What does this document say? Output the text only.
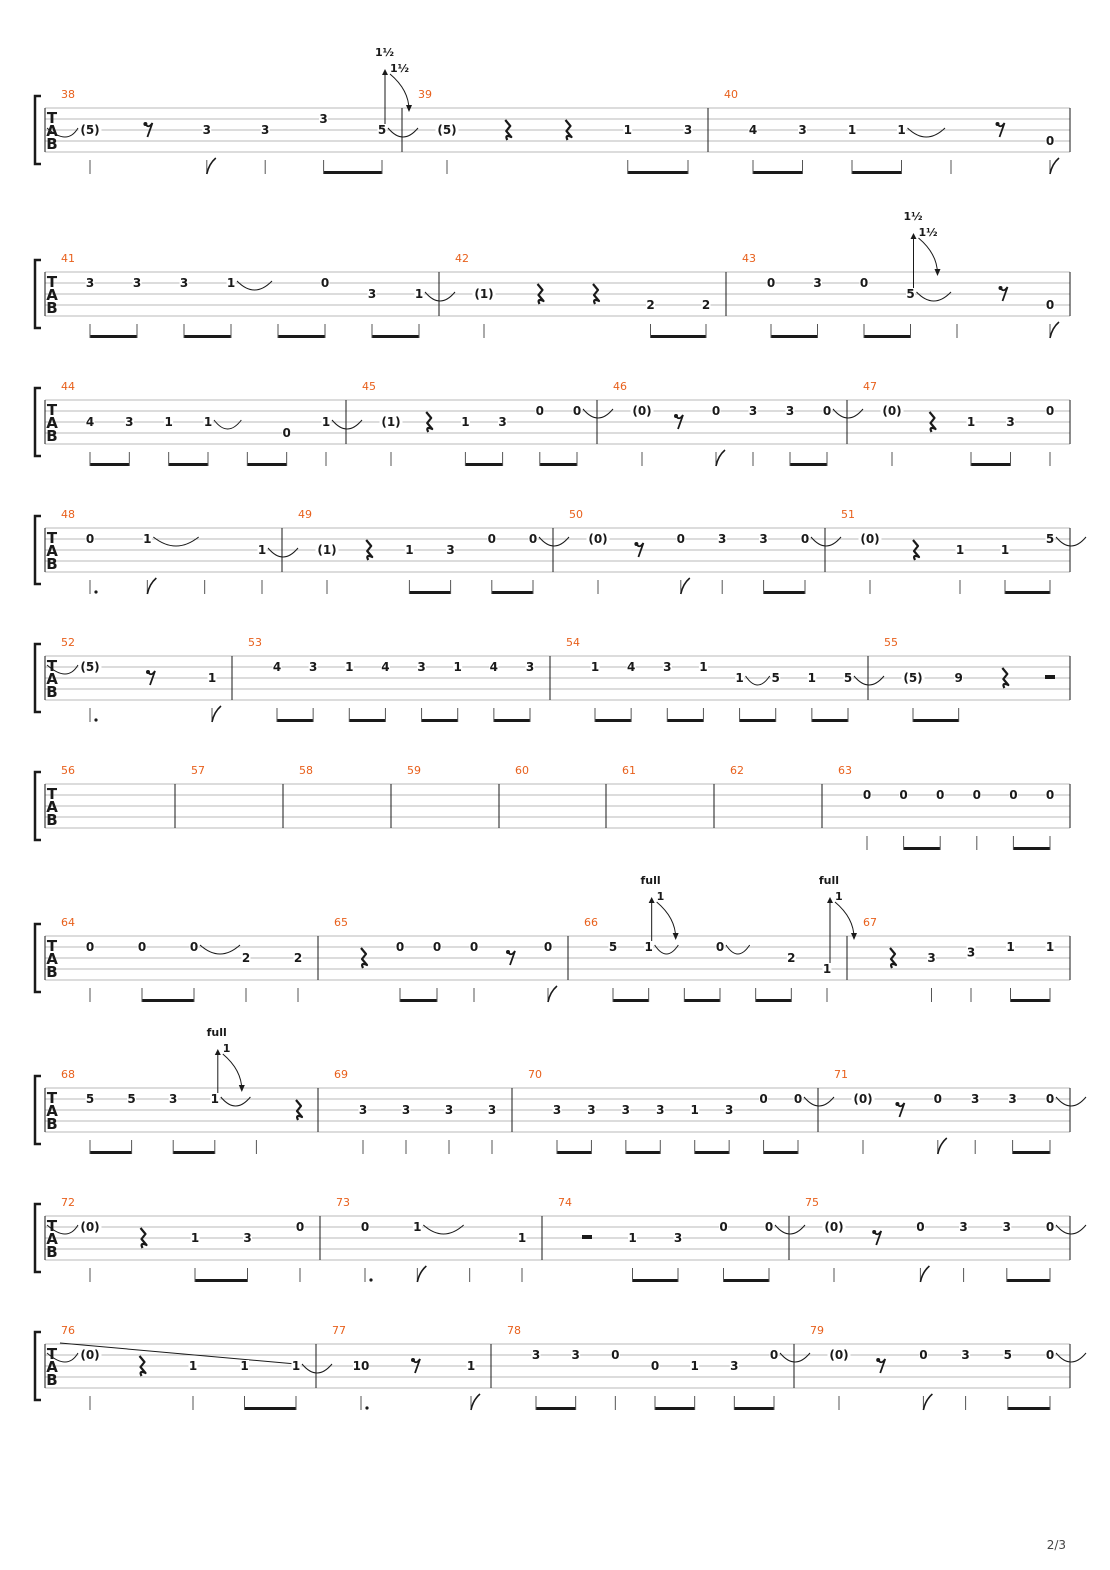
T
A
B
38
(5)	3	3
3
5
1½
1½
39
(5)	1	3
40
4	3	1	1
0
T
A
B
41
3	3	3	1	0
3	1
42
(1)
2	2
43
0	3	0
5
1½
1½
0
T
A
B
44
4	3	1	1
0
1
45
(1)	1 3
0 0
46
(0)	0 3 3 0
47
(0)
1	3
0
T
A
B
48
0	1
1
49
(1)	1	3
0	0
50
(0)	0	3	3	0
51
(0)
1	1
5
T
A
B
52
(5)
1
53
4 3 1 4 3 1 4 3
54
1 4 3 1
1 5 1 5
55
(5)	9
T
A
B
56	57	58	59	60	61	62	63
0 0 0 0 0 0
T
A
B
64
0	0	0
2	2
65
0 0 0	0
66
5 1
full
1
0
2
1
full
1
67
3	3	1	1
T
A
B
68
5	5	3	1
full
1
69
3	3	3	3
70
3 3 3 3 1 3
0 0
71
(0)	0 3 3 0
T
A
B
72
(0)
1	3
0
73
0	1
1
74
1	3
0	0
75
(0)	0	3	3	0
T
A
B
76
(0)
1	1	1
77
10	1
78
3	3	0
0	1	3
0
79
(0)	0	3	5	0
2/3
